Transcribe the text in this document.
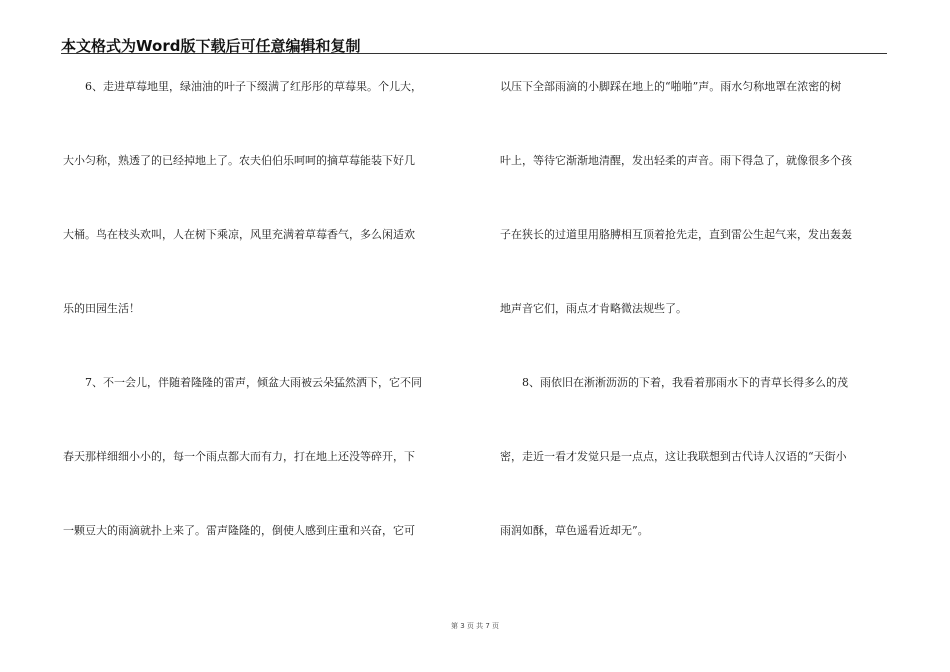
本文格式为Word版下载后可任意编辑和复制
　　6、走进草莓地里，绿油油的叶子下缀满了红彤彤的草莓果。个儿大，
大小匀称，熟透了的已经掉地上了。农夫伯伯乐呵呵的摘草莓能装下好几
大桶。鸟在枝头欢叫，人在树下乘凉，风里充满着草莓香气，多么闲适欢
乐的田园生活！
　　7、不一会儿，伴随着隆隆的雷声，倾盆大雨被云朵猛然洒下，它不同
春天那样细细小小的，每一个雨点都大而有力，打在地上还没等碎开，下
一颗豆大的雨滴就扑上来了。雷声隆隆的，倒使人感到庄重和兴奋，它可
以压下全部雨滴的小脚踩在地上的“啪啪”声。雨水匀称地罩在浓密的树
叶上，等待它渐渐地清醒，发出轻柔的声音。雨下得急了，就像很多个孩
子在狭长的过道里用胳膊相互顶着抢先走，直到雷公生起气来，发出轰轰
地声音它们，雨点才肯略微法规些了。
　　8、雨依旧在淅淅沥沥的下着，我看着那雨水下的青草长得多么的茂
密，走近一看才发觉只是一点点，这让我联想到古代诗人汉语的“天街小
雨润如酥，草色遥看近却无”。
第 3 页 共 7 页
